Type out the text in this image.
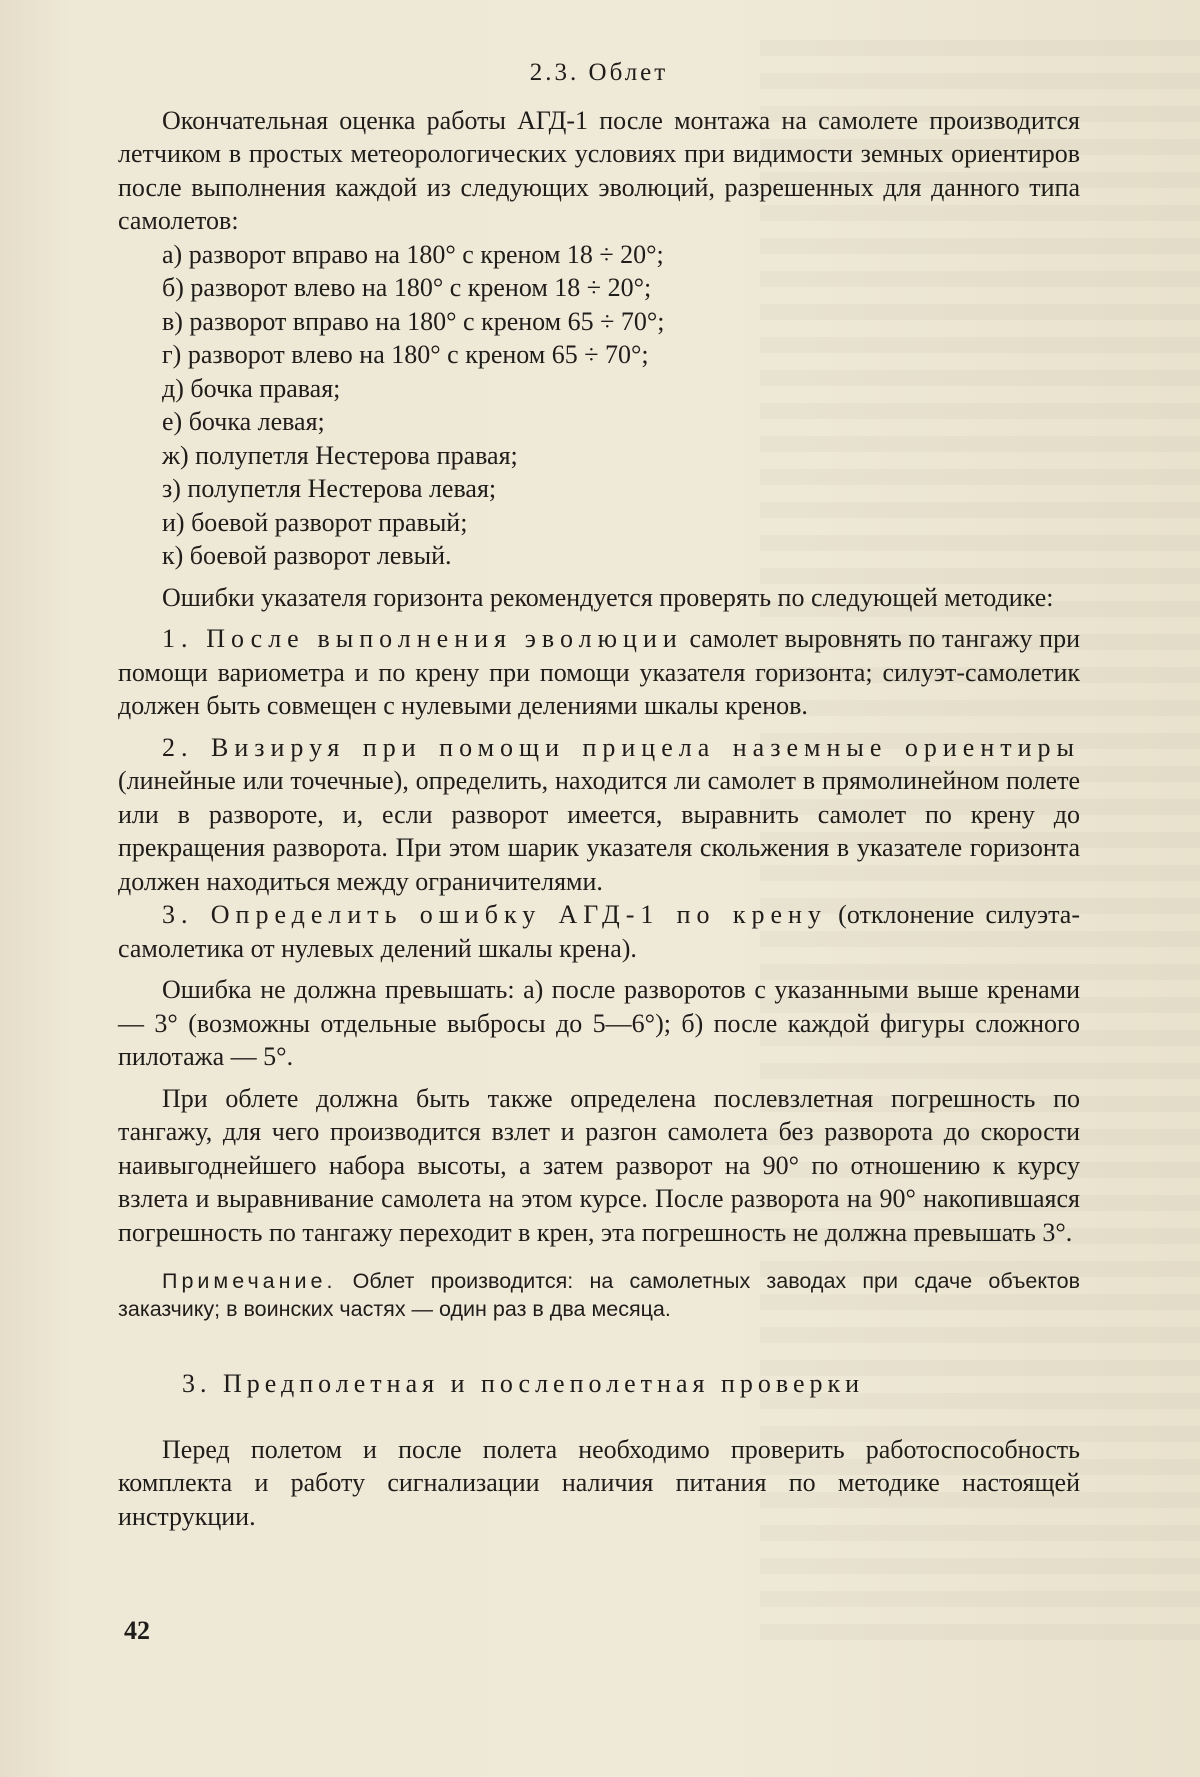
2.3. Облет

Окончательная оценка работы АГД-1 после монтажа на самолете производится летчиком в простых метеорологических условиях при видимости земных ориентиров после выполнения каждой из следующих эволюций, разрешенных для данного типа самолетов:

а) разворот вправо на 180° с креном 18 ÷ 20°;

б) разворот влево на 180° с креном 18 ÷ 20°;

в) разворот вправо на 180° с креном 65 ÷ 70°;

г) разворот влево на 180° с креном 65 ÷ 70°;

д) бочка правая;

е) бочка левая;

ж) полупетля Нестерова правая;

з) полупетля Нестерова левая;

и) боевой разворот правый;

к) боевой разворот левый.

Ошибки указателя горизонта рекомендуется проверять по следующей методике:

1. После выполнения эволюции самолет выровнять по тангажу при помощи вариометра и по крену при помощи указателя горизонта; силуэт-самолетик должен быть совмещен с нулевыми делениями шкалы кренов.

2. Визируя при помощи прицела наземные ориентиры (линейные или точечные), определить, находится ли самолет в прямолинейном полете или в развороте, и, если разворот имеется, выравнить самолет по крену до прекращения разворота. При этом шарик указателя скольжения в указателе горизонта должен находиться между ограничителями.

3. Определить ошибку АГД-1 по крену (отклонение силуэта-самолетика от нулевых делений шкалы крена).

Ошибка не должна превышать: а) после разворотов с указанными выше кренами — 3° (возможны отдельные выбросы до 5—6°); б) после каждой фигуры сложного пилотажа — 5°.

При облете должна быть также определена послевзлетная погрешность по тангажу, для чего производится взлет и разгон самолета без разворота до скорости наивыгоднейшего набора высоты, а затем разворот на 90° по отношению к курсу взлета и выравнивание самолета на этом курсе. После разворота на 90° накопившаяся погрешность по тангажу переходит в крен, эта погрешность не должна превышать 3°.

Примечание. Облет производится: на самолетных заводах при сдаче объектов заказчику; в воинских частях — один раз в два месяца.

3. Предполетная и послеполетная проверки

Перед полетом и после полета необходимо проверить работоспособность комплекта и работу сигнализации наличия питания по методике настоящей инструкции.

42
